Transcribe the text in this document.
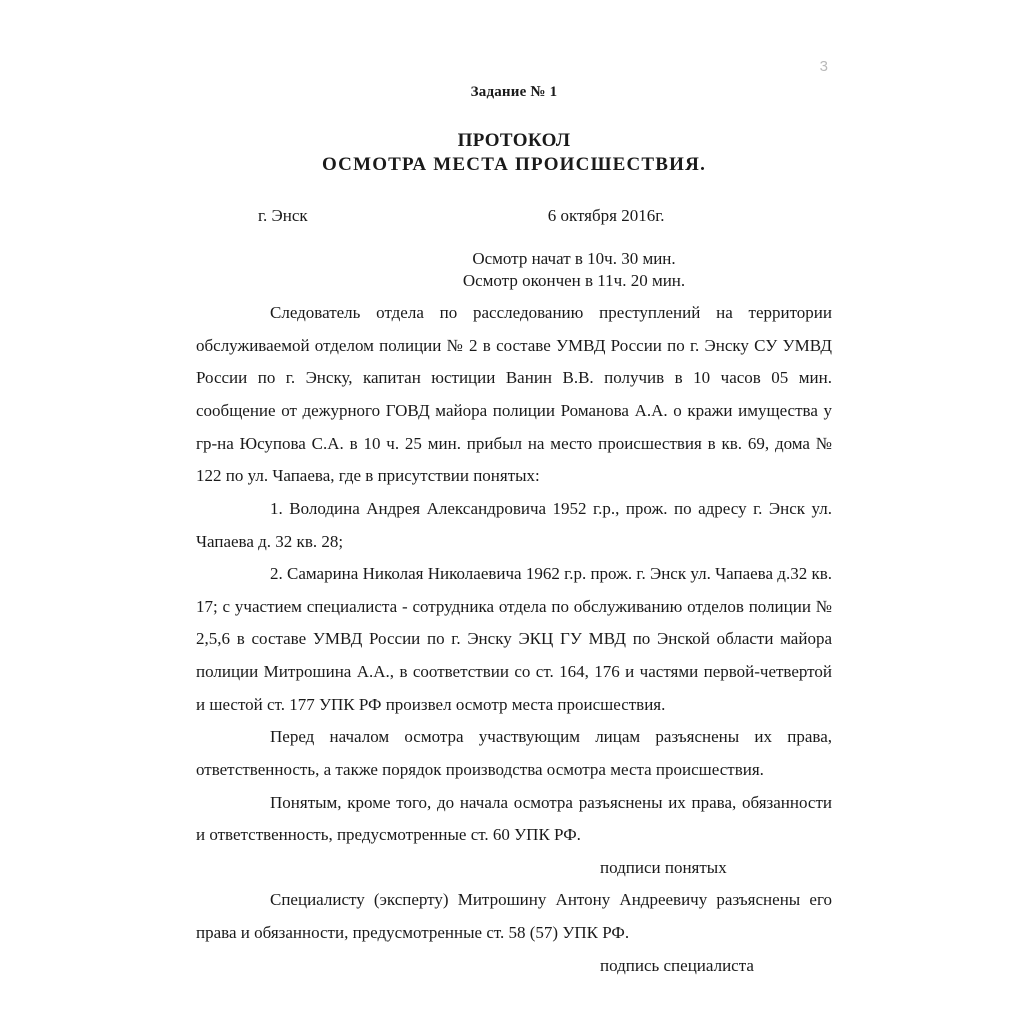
3
Задание № 1
ПРОТОКОЛ
ОСМОТРА МЕСТА ПРОИСШЕСТВИЯ.
г. Энск	6 октября 2016г.
Осмотр начат в 10ч. 30 мин.
Осмотр окончен в 11ч. 20 мин.

Следователь отдела по расследованию преступлений на территории обслуживаемой отделом полиции № 2 в составе УМВД России по г. Энску СУ УМВД России по г. Энску, капитан юстиции Ванин В.В. получив в 10 часов 05 мин. сообщение от дежурного ГОВД майора полиции Романова А.А. о кражи имущества у гр-на Юсупова С.А. в 10 ч. 25 мин. прибыл на место происшествия в кв. 69, дома № 122 по ул. Чапаева, где в присутствии понятых:

1. Володина Андрея Александровича 1952 г.р., прож. по адресу г. Энск ул. Чапаева д. 32 кв. 28;

2. Самарина Николая Николаевича 1962 г.р. прож. г. Энск ул. Чапаева д.32 кв. 17; с участием специалиста - сотрудника отдела по обслуживанию отделов полиции № 2,5,6 в составе УМВД России по г. Энску ЭКЦ ГУ МВД по Энской области майора полиции Митрошина А.А., в соответствии со ст. 164, 176 и частями первой-четвертой и шестой ст. 177 УПК РФ произвел осмотр места происшествия.

Перед началом осмотра участвующим лицам разъяснены их права, ответственность, а также порядок производства осмотра места происшествия.

Понятым, кроме того, до начала осмотра разъяснены их права, обязанности и ответственность, предусмотренные ст. 60 УПК РФ.

подписи понятых

Специалисту (эксперту) Митрошину Антону Андреевичу разъяснены его права и обязанности, предусмотренные ст. 58 (57) УПК РФ.

подпись специалиста
